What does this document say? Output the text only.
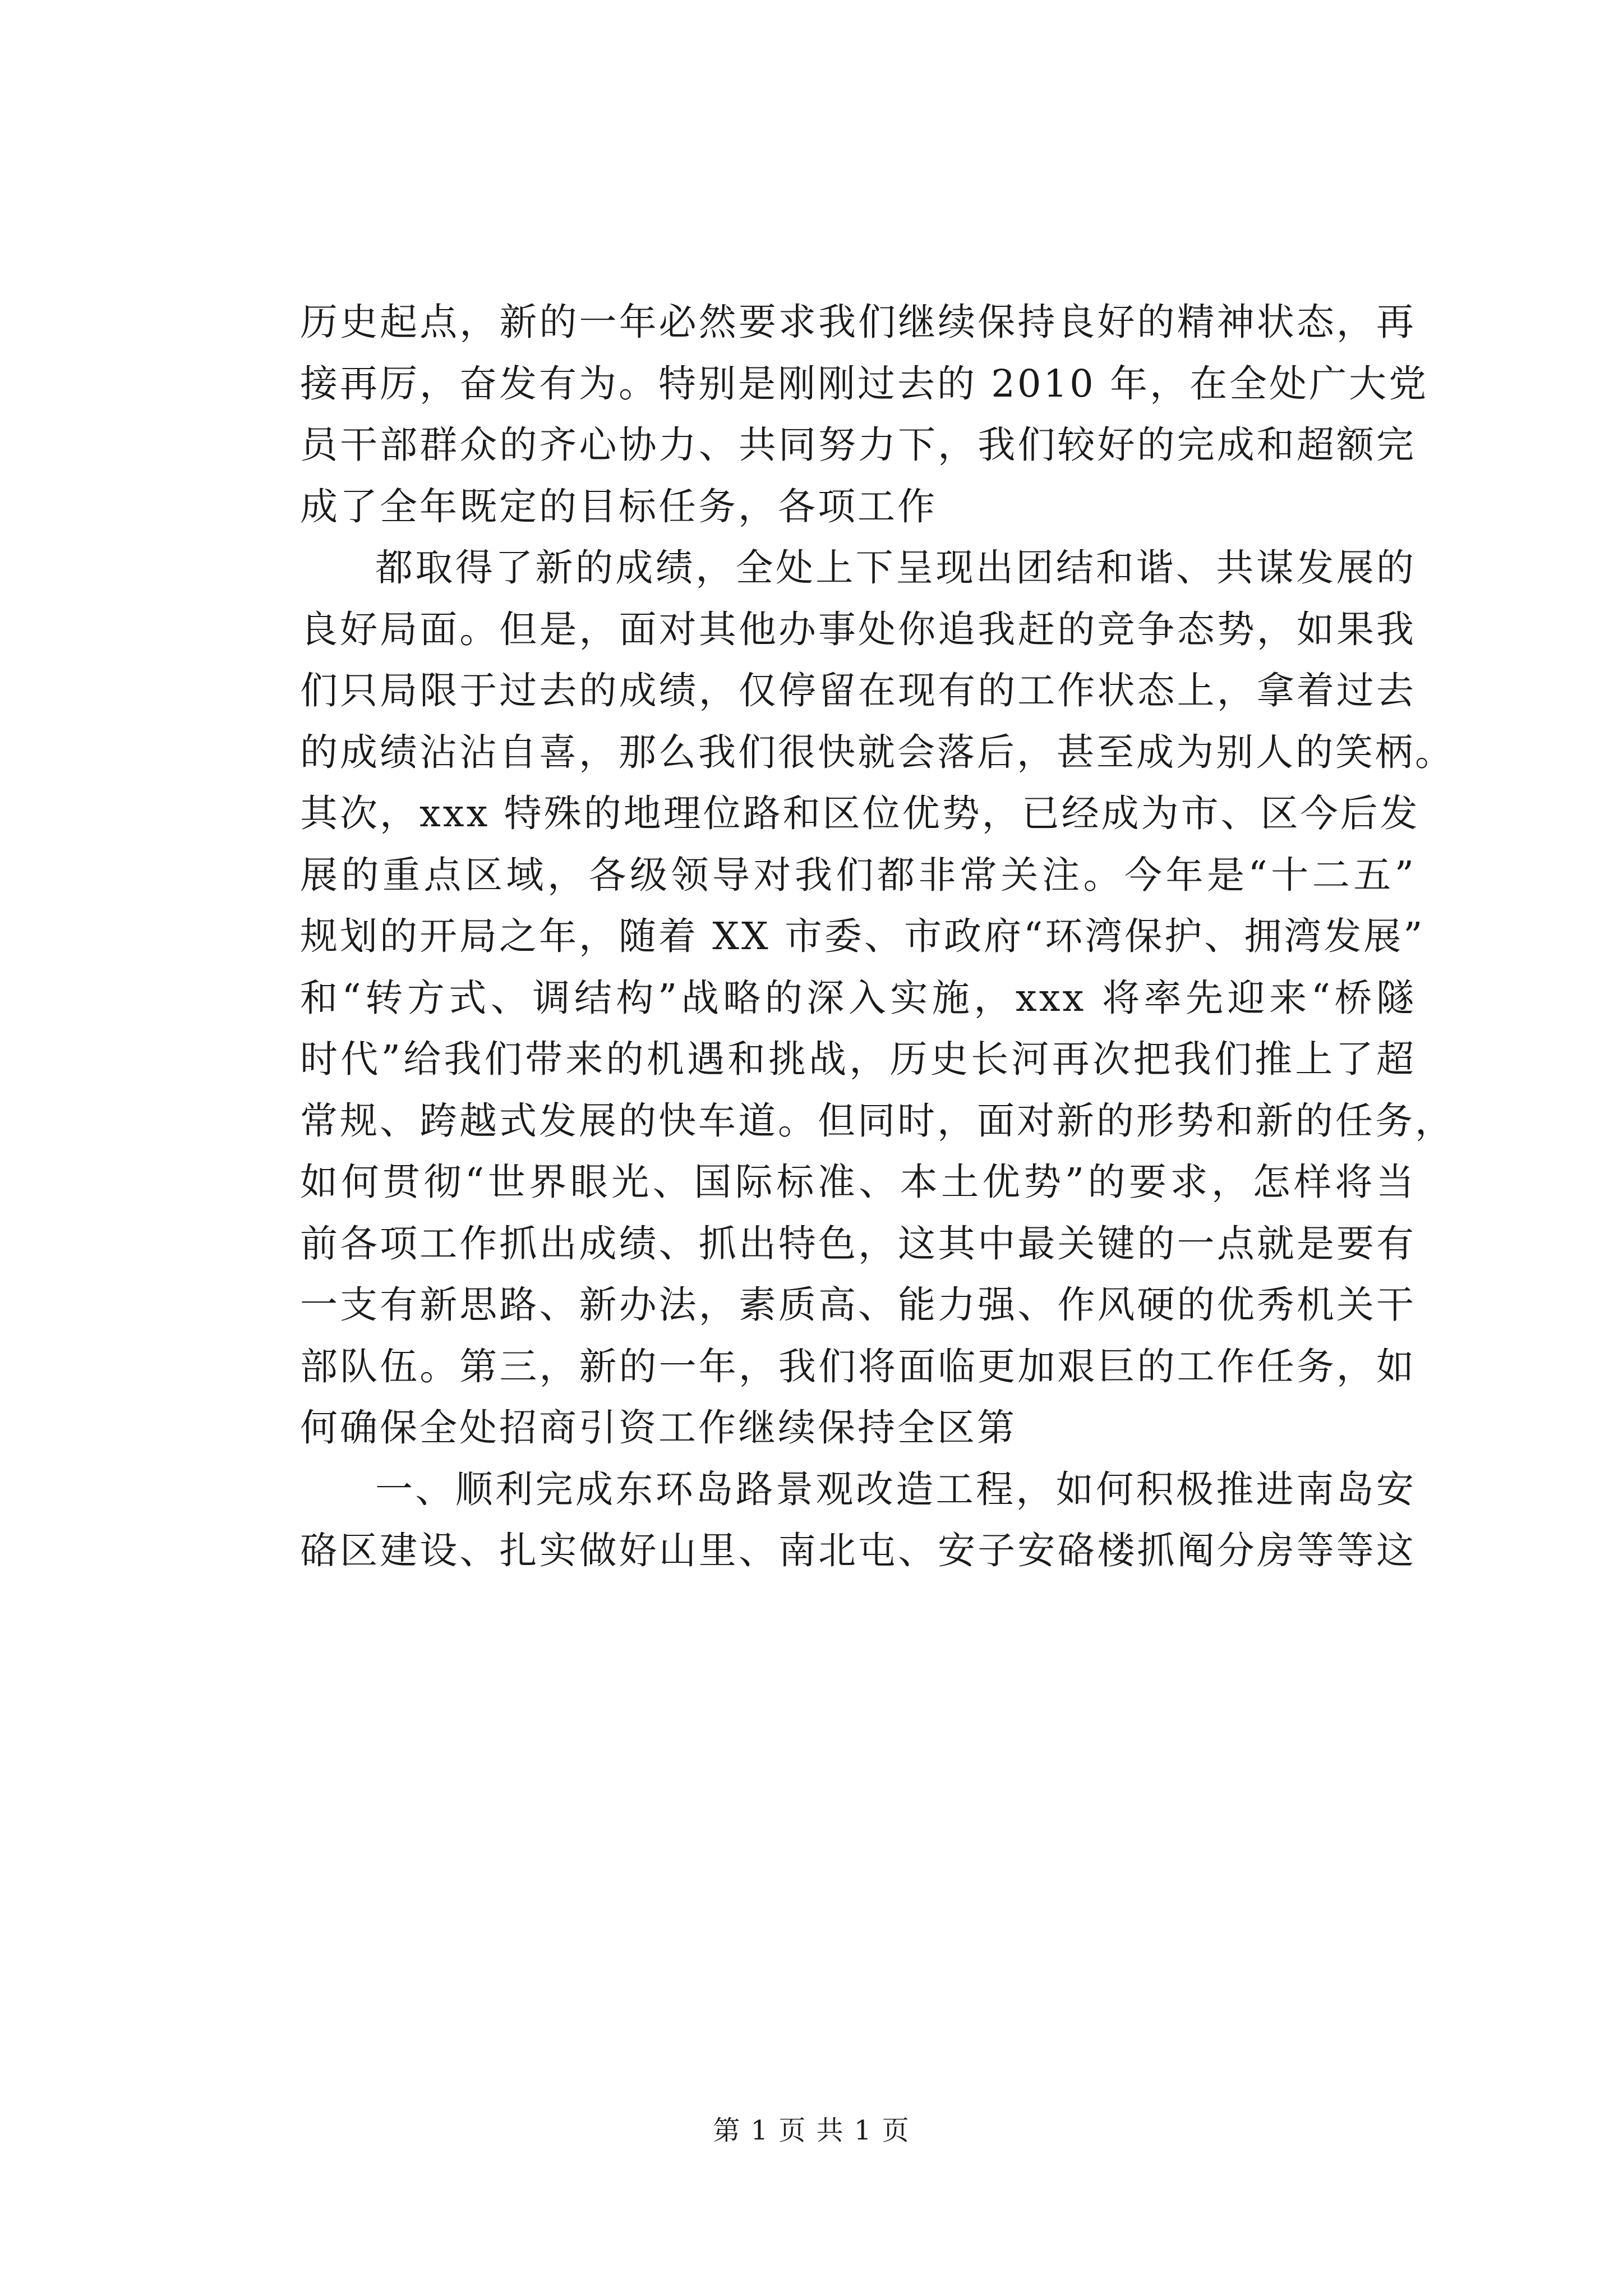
历史起点，新的一年必然要求我们继续保持良好的精神状态，再
接再厉，奋发有为。特别是刚刚过去的 2010 年，在全处广大党
员干部群众的齐心协力、共同努力下，我们较好的完成和超额完
成了全年既定的目标任务，各项工作
都取得了新的成绩，全处上下呈现出团结和谐、共谋发展的
良好局面。但是，面对其他办事处你追我赶的竞争态势，如果我
们只局限于过去的成绩，仅停留在现有的工作状态上，拿着过去
的成绩沾沾自喜，那么我们很快就会落后，甚至成为别人的笑柄。
其次，xxx 特殊的地理位路和区位优势，已经成为市、区今后发
展的重点区域，各级领导对我们都非常关注。今年是“十二五”
规划的开局之年，随着 XX 市委、市政府“环湾保护、拥湾发展”
和“转方式、调结构”战略的深入实施，xxx 将率先迎来“桥隧
时代”给我们带来的机遇和挑战，历史长河再次把我们推上了超
常规、跨越式发展的快车道。但同时，面对新的形势和新的任务，
如何贯彻“世界眼光、国际标准、本土优势”的要求，怎样将当
前各项工作抓出成绩、抓出特色，这其中最关键的一点就是要有
一支有新思路、新办法，素质高、能力强、作风硬的优秀机关干
部队伍。第三，新的一年，我们将面临更加艰巨的工作任务，如
何确保全处招商引资工作继续保持全区第
一、顺利完成东环岛路景观改造工程，如何积极推进南岛安
硌区建设、扎实做好山里、南北屯、安子安硌楼抓阄分房等等这
第 1 页 共 1 页
